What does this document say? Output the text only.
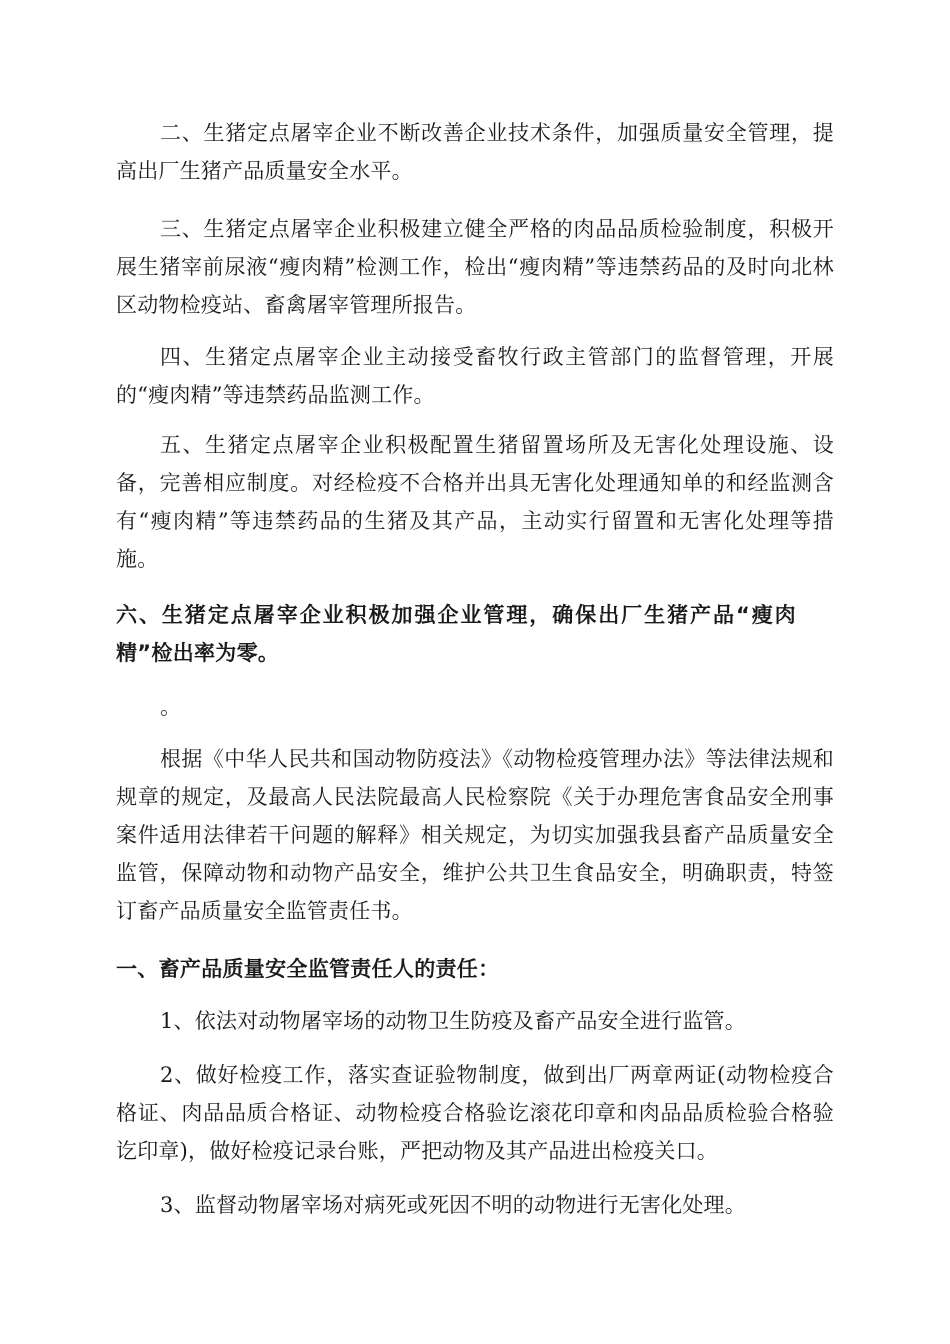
二、生猪定点屠宰企业不断改善企业技术条件，加强质量安全管理，提高出厂生猪产品质量安全水平。

三、生猪定点屠宰企业积极建立健全严格的肉品品质检验制度，积极开展生猪宰前尿液“瘦肉精”检测工作，检出“瘦肉精”等违禁药品的及时向北林区动物检疫站、畜禽屠宰管理所报告。

四、生猪定点屠宰企业主动接受畜牧行政主管部门的监督管理，开展的“瘦肉精”等违禁药品监测工作。

五、生猪定点屠宰企业积极配置生猪留置场所及无害化处理设施、设备，完善相应制度。对经检疫不合格并出具无害化处理通知单的和经监测含有“瘦肉精”等违禁药品的生猪及其产品，主动实行留置和无害化处理等措施。

六、生猪定点屠宰企业积极加强企业管理，确保出厂生猪产品“瘦肉精”检出率为零。

。

根据《中华人民共和国动物防疫法》《动物检疫管理办法》等法律法规和规章的规定，及最高人民法院最高人民检察院《关于办理危害食品安全刑事案件适用法律若干问题的解释》相关规定，为切实加强我县畜产品质量安全监管，保障动物和动物产品安全，维护公共卫生食品安全，明确职责，特签订畜产品质量安全监管责任书。

一、畜产品质量安全监管责任人的责任：

1、依法对动物屠宰场的动物卫生防疫及畜产品安全进行监管。

2、做好检疫工作，落实查证验物制度，做到出厂两章两证(动物检疫合格证、肉品品质合格证、动物检疫合格验讫滚花印章和肉品品质检验合格验讫印章)，做好检疫记录台账，严把动物及其产品进出检疫关口。

3、监督动物屠宰场对病死或死因不明的动物进行无害化处理。
